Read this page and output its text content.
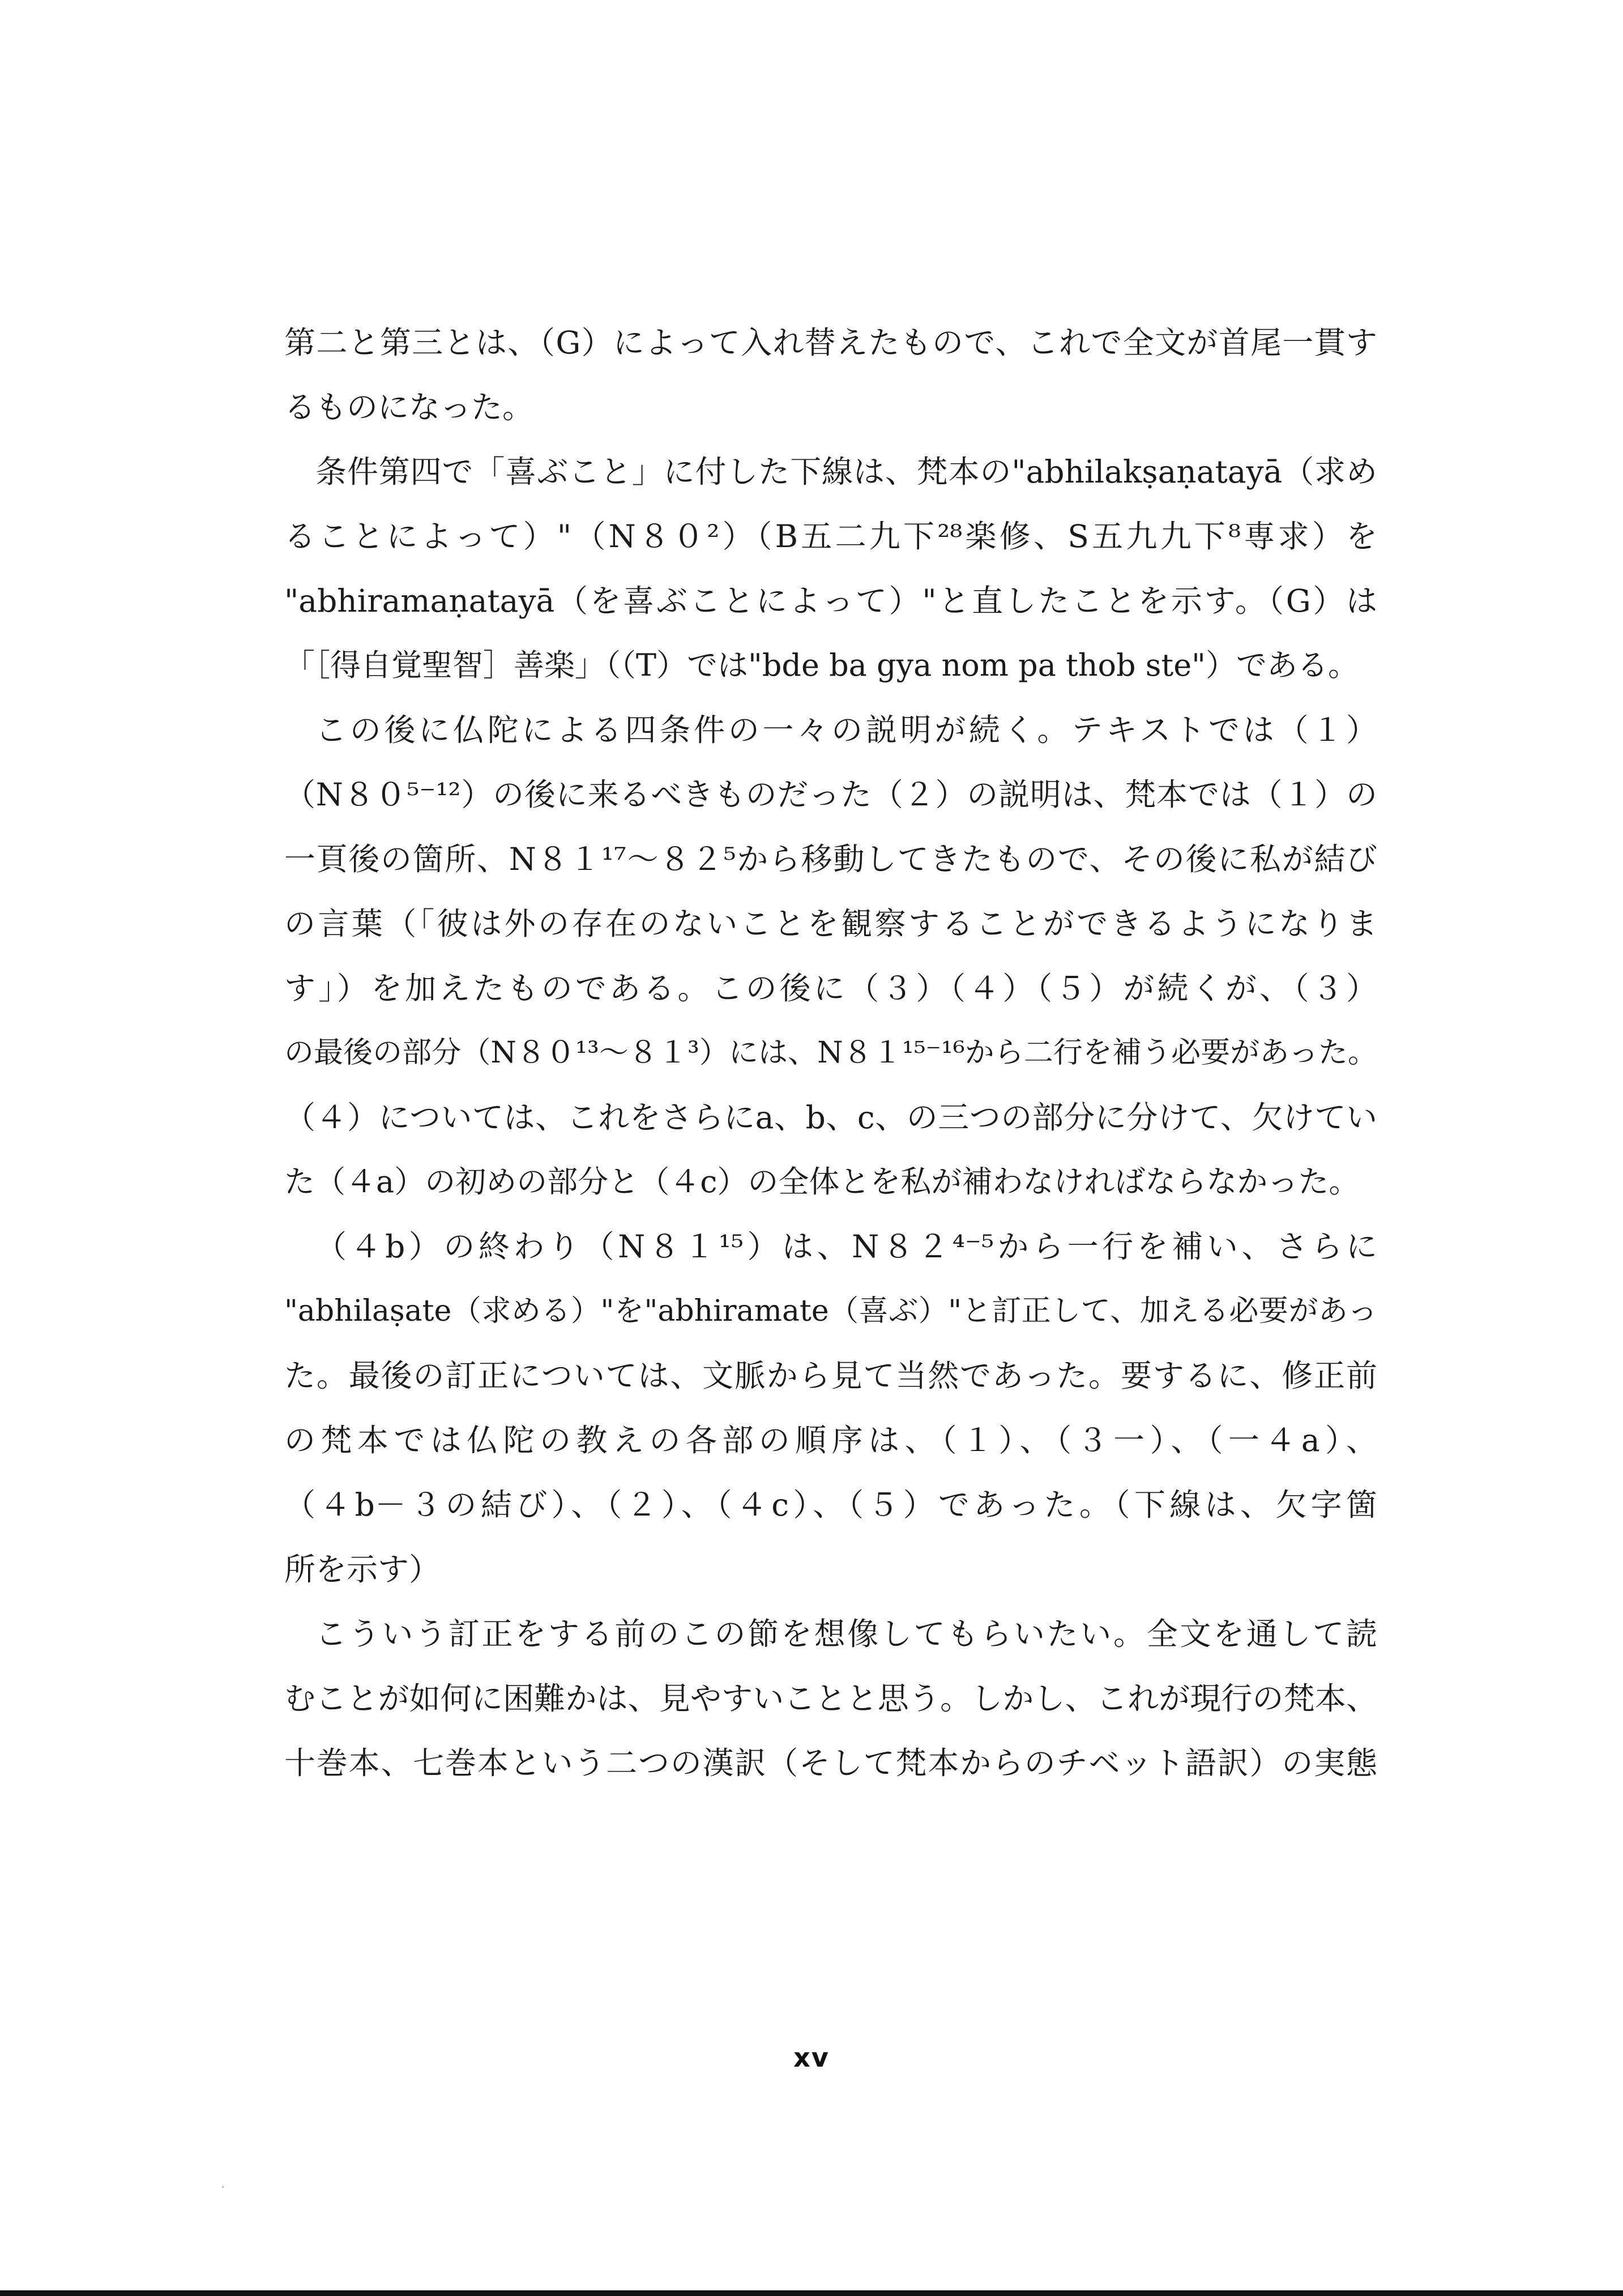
第二と第三とは、（G）によって入れ替えたもので、これで全文が首尾一貫す
るものになった。
条件第四で「喜ぶこと」に付した下線は、梵本の"abhilakṣaṇatayā（求め
ることによって）"（N８０²）（B五二九下²⁸楽修、S五九九下⁸専求）を
"abhiramaṇatayā（を喜ぶことによって）"と直したことを示す。（G）は
「［得自覚聖智］善楽」（（T）では"bde ba gya nom pa thob ste"）である。
この後に仏陀による四条件の一々の説明が続く。テキストでは（１）
（N８０⁵⁻¹²）の後に来るべきものだった（２）の説明は、梵本では（１）の
一頁後の箇所、N８１¹⁷～８２⁵から移動してきたもので、その後に私が結び
の言葉（「彼は外の存在のないことを観察することができるようになりま
す」）を加えたものである。この後に（３）（４）（５）が続くが、（３）
の最後の部分（N８０¹³～８１³）には、N８１¹⁵⁻¹⁶から二行を補う必要があった。
（４）については、これをさらにa、b、c、の三つの部分に分けて、欠けてい
た（４a）の初めの部分と（４c）の全体とを私が補わなければならなかった。
（４b）の終わり（N８１¹⁵）は、N８２⁴⁻⁵から一行を補い、さらに
"abhilaṣate（求める）"を"abhiramate（喜ぶ）"と訂正して、加える必要があっ
た。最後の訂正については、文脈から見て当然であった。要するに、修正前
の梵本では仏陀の教えの各部の順序は、（１）、（３一）、（一４a）、
（４b－３の結び）、（２）、（４c）、（５）であった。（下線は、欠字箇
所を示す）
こういう訂正をする前のこの節を想像してもらいたい。全文を通して読
むことが如何に困難かは、見やすいことと思う。しかし、これが現行の梵本、
十巻本、七巻本という二つの漢訳（そして梵本からのチベット語訳）の実態
xv
